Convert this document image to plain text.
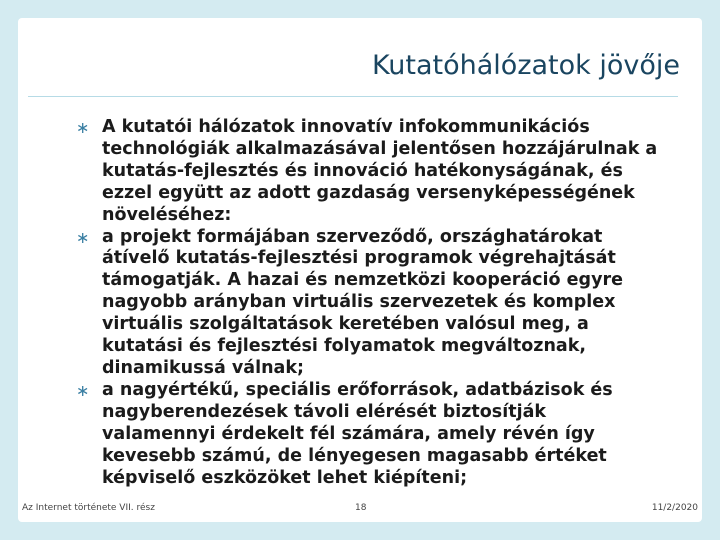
Kutatóhálózatok jövője
∗ A kutatói hálózatok innovatív infokommunikációs technológiák alkalmazásával jelentősen hozzájárulnak a kutatás-fejlesztés és innováció hatékonyságának, és ezzel együtt az adott gazdaság versenyképességének növeléséhez:
∗ a projekt formájában szerveződő, országhatárokat átívelő kutatás-fejlesztési programok végrehajtását támogatják. A hazai és nemzetközi kooperáció egyre nagyobb arányban virtuális szervezetek és komplex virtuális szolgáltatások keretében valósul meg, a kutatási és fejlesztési folyamatok megváltoznak, dinamikussá válnak;
∗ a nagyértékű, speciális erőforrások, adatbázisok és nagyberendezések távoli elérését biztosítják valamennyi érdekelt fél számára, amely révén így kevesebb számú, de lényegesen magasabb értéket képviselő eszközöket lehet kiépíteni;
Az Internet története VII. rész	18	11/2/2020
